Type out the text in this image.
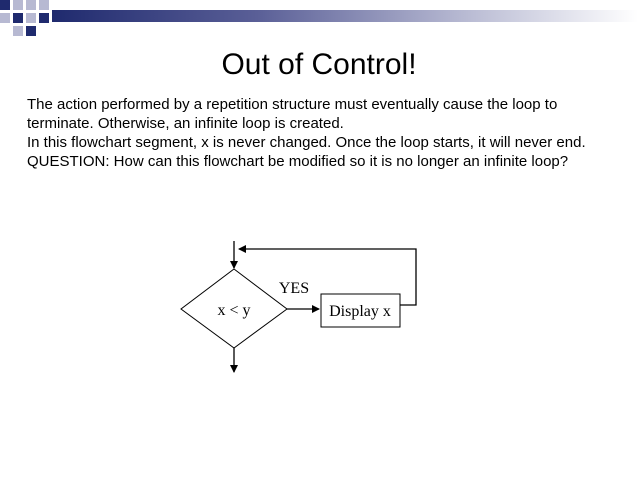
Out of Control!

The action performed by a repetition structure must eventually cause the loop to terminate. Otherwise, an infinite loop is created.

In this flowchart segment, x is never changed. Once the loop starts, it will never end.

QUESTION: How can this flowchart be modified so it is no longer an infinite loop?

x < y
YES
Display x
